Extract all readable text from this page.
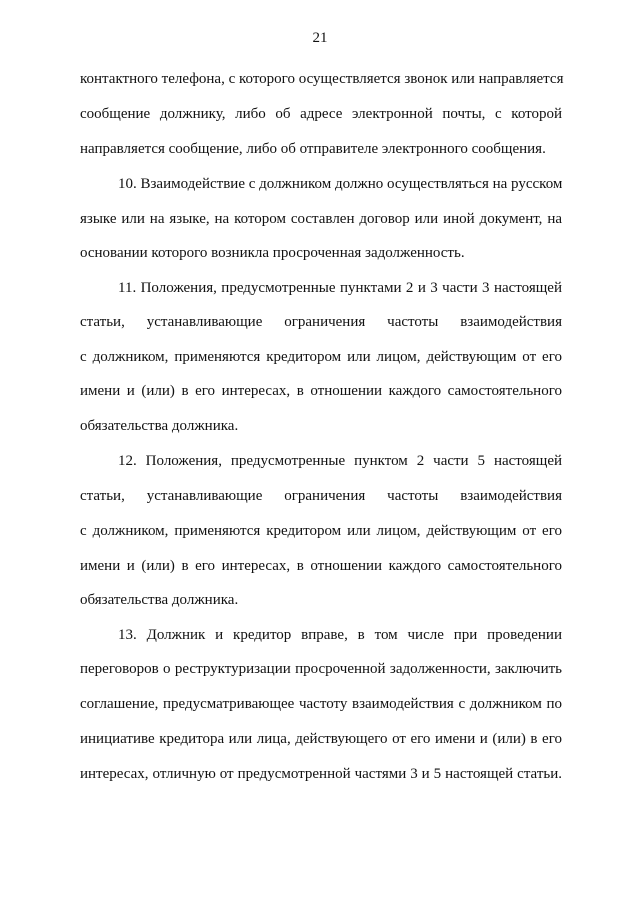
21
контактного телефона, с которого осуществляется звонок или направляется
сообщение должнику, либо об адресе электронной почты, с которой
направляется сообщение, либо об отправителе электронного сообщения.
10. Взаимодействие с должником должно осуществляться на русском
языке или на языке, на котором составлен договор или иной документ, на
основании которого возникла просроченная задолженность.
11. Положения, предусмотренные пунктами 2 и 3 части 3 настоящей
статьи, устанавливающие ограничения частоты взаимодействия
с должником, применяются кредитором или лицом, действующим от его
имени и (или) в его интересах, в отношении каждого самостоятельного
обязательства должника.
12. Положения, предусмотренные пунктом 2 части 5 настоящей
статьи, устанавливающие ограничения частоты взаимодействия
с должником, применяются кредитором или лицом, действующим от его
имени и (или) в его интересах, в отношении каждого самостоятельного
обязательства должника.
13. Должник и кредитор вправе, в том числе при проведении
переговоров о реструктуризации просроченной задолженности, заключить
соглашение, предусматривающее частоту взаимодействия с должником по
инициативе кредитора или лица, действующего от его имени и (или) в его
интересах, отличную от предусмотренной частями 3 и 5 настоящей статьи.
